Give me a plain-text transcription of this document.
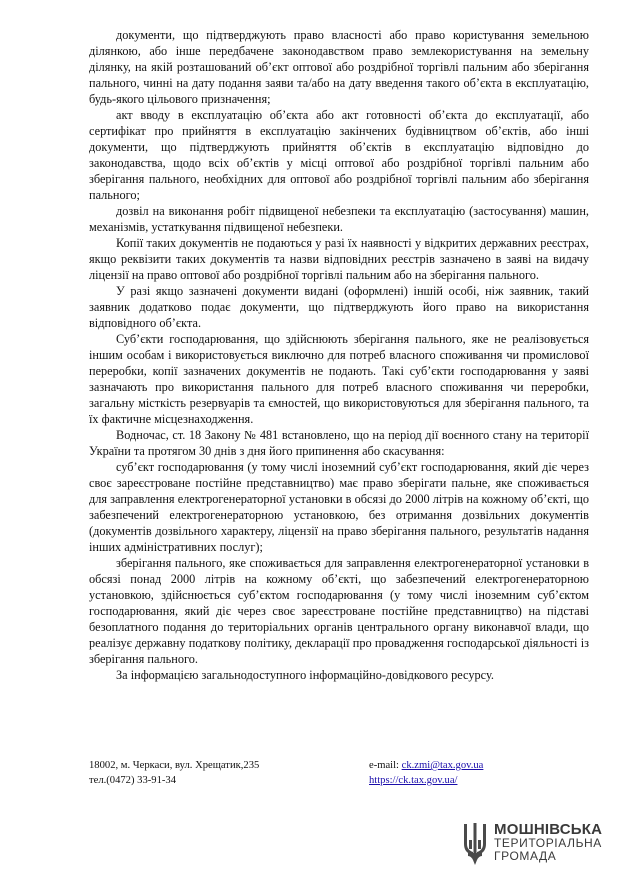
документи, що підтверджують право власності або право користування земельною ділянкою, або інше передбачене законодавством право землекористування на земельну ділянку, на якій розташований об’єкт оптової або роздрібної торгівлі пальним або зберігання пального, чинні на дату подання заяви та/або на дату введення такого об’єкта в експлуатацію, будь-якого цільового призначення;

акт вводу в експлуатацію об’єкта або акт готовності об’єкта до експлуатації, або сертифікат про прийняття в експлуатацію закінчених будівництвом об’єктів, або інші документи, що підтверджують прийняття об’єктів в експлуатацію відповідно до законодавства, щодо всіх об’єктів у місці оптової або роздрібної торгівлі пальним або зберігання пального, необхідних для оптової або роздрібної торгівлі пальним або зберігання пального;

дозвіл на виконання робіт підвищеної небезпеки та експлуатацію (застосування) машин, механізмів, устаткування підвищеної небезпеки.

Копії таких документів не подаються у разі їх наявності у відкритих державних реєстрах, якщо реквізити таких документів та назви відповідних реєстрів зазначено в заяві на видачу ліцензії на право оптової або роздрібної торгівлі пальним або на зберігання пального.

У разі якщо зазначені документи видані (оформлені) іншій особі, ніж заявник, такий заявник додатково подає документи, що підтверджують його право на використання відповідного об’єкта.

Суб’єкти господарювання, що здійснюють зберігання пального, яке не реалізовується іншим особам і використовується виключно для потреб власного споживання чи промислової переробки, копії зазначених документів не подають. Такі суб’єкти господарювання у заяві зазначають про використання пального для потреб власного споживання чи переробки, загальну місткість резервуарів та ємностей, що використовуються для зберігання пального, та їх фактичне місцезнаходження.

Водночас, ст. 18 Закону № 481 встановлено, що на період дії воєнного стану на території України та протягом 30 днів з дня його припинення або скасування:

суб’єкт господарювання (у тому числі іноземний суб’єкт господарювання, який діє через своє зареєстроване постійне представництво) має право зберігати пальне, яке споживається для заправлення електрогенераторної установки в обсязі до 2000 літрів на кожному об’єкті, що забезпечений електрогенераторною установкою, без отримання дозвільних документів (документів дозвільного характеру, ліцензії на право зберігання пального, результатів надання інших адміністративних послуг);

зберігання пального, яке споживається для заправлення електрогенераторної установки в обсязі понад 2000 літрів на кожному об’єкті, що забезпечений електрогенераторною установкою, здійснюється суб’єктом господарювання (у тому числі іноземним суб’єктом господарювання, який діє через своє зареєстроване постійне представництво) на підставі безоплатного подання до територіальних органів центрального органу виконавчої влади, що реалізує державну податкову політику, декларації про провадження господарської діяльності із зберігання пального.

За інформацією загальнодоступного інформаційно-довідкового ресурсу.

18002, м. Черкаси, вул. Хрещатик,235
тел.(0472) 33-91-34
e-mail: ck.zmi@tax.gov.ua
https://ck.tax.gov.ua/
МОШНІВСЬКА
ТЕРИТОРІАЛЬНА
ГРОМАДА
